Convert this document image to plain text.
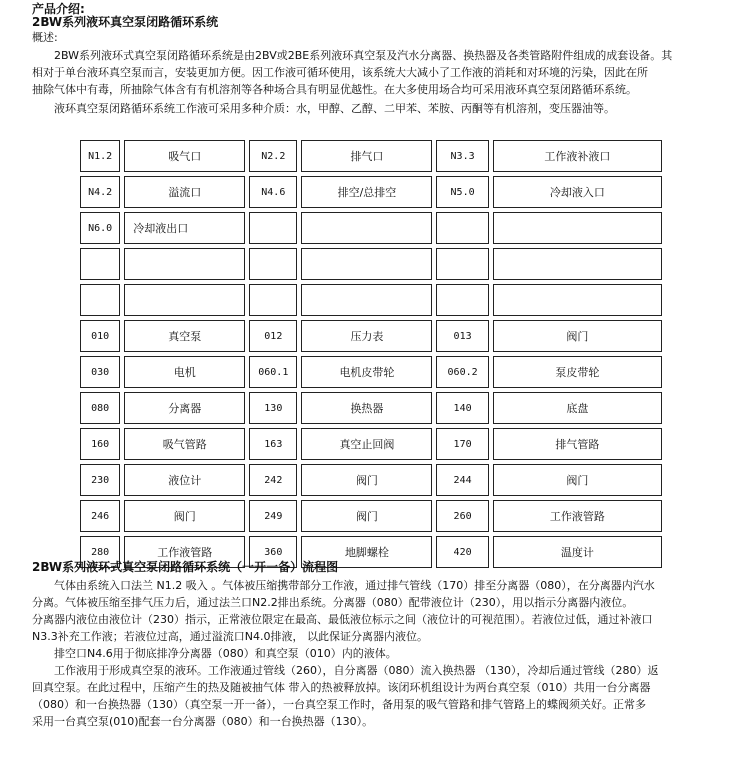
产品介绍:
2BW系列液环真空泵闭路循环系统
概述:
　　2BW系列液环式真空泵闭路循环系统是由2BV或2BE系列液环真空泵及汽水分离器、换热器及各类管路附件组成的成套设备。其
相对于单台液环真空泵而言，安装更加方便。因工作液可循环使用，该系统大大减小了工作液的消耗和对环境的污染，因此在所
抽除气体中有毒，所抽除气体含有有机溶剂等各种场合具有明显优越性。在大多使用场合均可采用液环真空泵闭路循环系统。
　　液环真空泵闭路循环系统工作液可采用多种介质：水，甲醇、乙醇、二甲苯、苯胺、丙酮等有机溶剂，变压器油等。
N1.2	吸气口	N2.2	排气口	N3.3	工作液补液口
N4.2	溢流口	N4.6	排空/总排空	N5.0	冷却液入口
N6.0	冷却液出口				

010	真空泵	012	压力表	013	阀门
030	电机	060.1	电机皮带轮	060.2	泵皮带轮
080	分离器	130	换热器	140	底盘
160	吸气管路	163	真空止回阀	170	排气管路
230	液位计	242	阀门	244	阀门
246	阀门	249	阀门	260	工作液管路
280	工作液管路	360	地脚螺栓	420	温度计
2BW系列液环式真空泵闭路循环系统（一开一备）流程图
　　气体由系统入口法兰 N1.2 吸入 。气体被压缩携带部分工作液，通过排气管线（170）排至分离器（080），在分离器内汽水
分离。气体被压缩至排气压力后，通过法兰口N2.2排出系统。分离器（080）配带液位计（230），用以指示分离器内液位。
分离器内液位由液位计（230）指示，正常液位限定在最高、最低液位标示之间（液位计的可视范围）。若液位过低，通过补液口
N3.3补充工作液；若液位过高，通过溢流口N4.0排液， 以此保证分离器内液位。
　　排空口N4.6用于彻底排净分离器（080）和真空泵（010）内的液体。
　　工作液用于形成真空泵的液环。工作液通过管线（260），自分离器（080）流入换热器 （130），冷却后通过管线（280）返
回真空泵。在此过程中，压缩产生的热及随被抽气体 带入的热被释放掉。该闭环机组设计为两台真空泵（010）共用一台分离器
（080）和一台换热器（130）（真空泵一开一备），一台真空泵工作时，备用泵的吸气管路和排气管路上的蝶阀须关好。正常多
采用一台真空泵(010)配套一台分离器（080）和一台换热器（130）。
